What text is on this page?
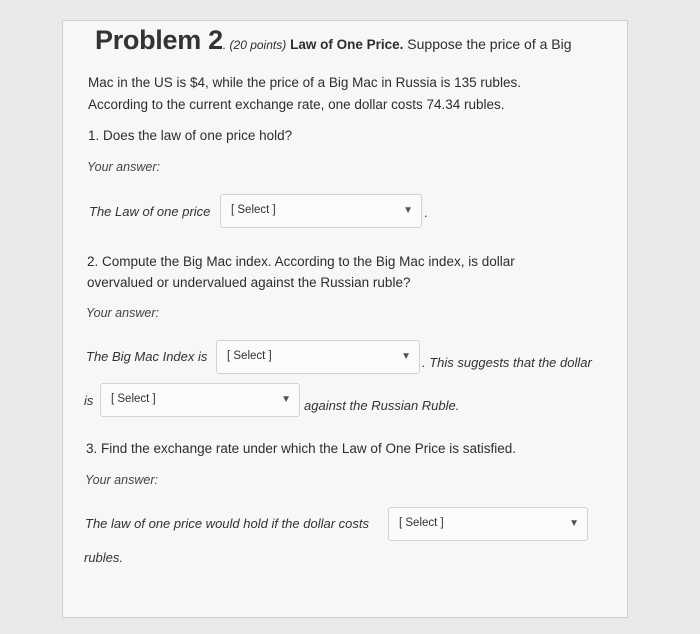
Problem 2. (20 points) Law of One Price. Suppose the price of a Big
Mac in the US is $4, while the price of a Big Mac in Russia is 135 rubles.
According to the current exchange rate, one dollar costs 74.34 rubles.
1. Does the law of one price hold?
Your answer:
The Law of one price [ Select ]	▼ .
2. Compute the Big Mac index. According to the Big Mac index, is dollar
overvalued or undervalued against the Russian ruble?
Your answer:
The Big Mac Index is [ Select ]	▼ . This suggests that the dollar
is [ Select ]	▼ against the Russian Ruble.
3. Find the exchange rate under which the Law of One Price is satisfied.
Your answer:
The law of one price would hold if the dollar costs	[ Select ]	▼
rubles.
